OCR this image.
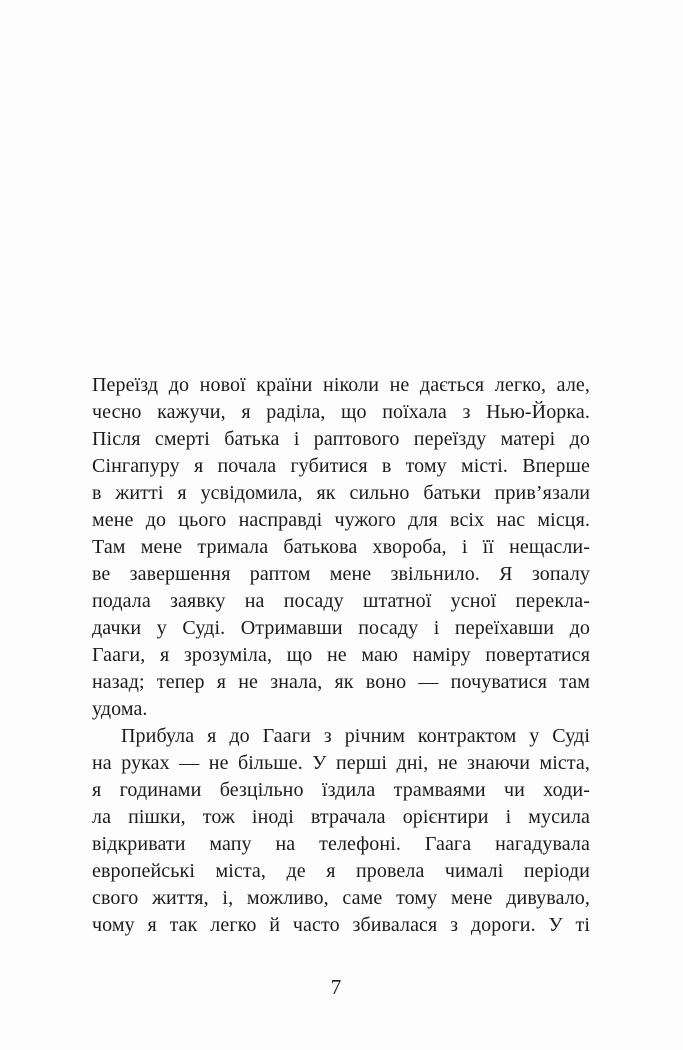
Переїзд до нової країни ніколи не дається легко, але,
чесно кажучи, я раділа, що поїхала з Нью-Йорка.
Після смерті батька і раптового переїзду матері до
Сінгапуру я почала губитися в тому місті. Вперше
в житті я усвідомила, як сильно батьки прив’язали
мене до цього насправді чужого для всіх нас місця.
Там мене тримала батькова хвороба, і її нещасли-
ве завершення раптом мене звільнило. Я зопалу
подала заявку на посаду штатної усної перекла-
дачки у Суді. Отримавши посаду і переїхавши до
Гааги, я зрозуміла, що не маю наміру повертатися
назад; тепер я не знала, як воно — почуватися там
удома.
Прибула я до Гааги з річним контрактом у Суді
на руках — не більше. У перші дні, не знаючи міста,
я годинами безцільно їздила трамваями чи ходи-
ла пішки, тож іноді втрачала орієнтири і мусила
відкривати мапу на телефоні. Гаага нагадувала
европейські міста, де я провела чималі періоди
свого життя, і, можливо, саме тому мене дивувало,
чому я так легко й часто збивалася з дороги. У ті
7
